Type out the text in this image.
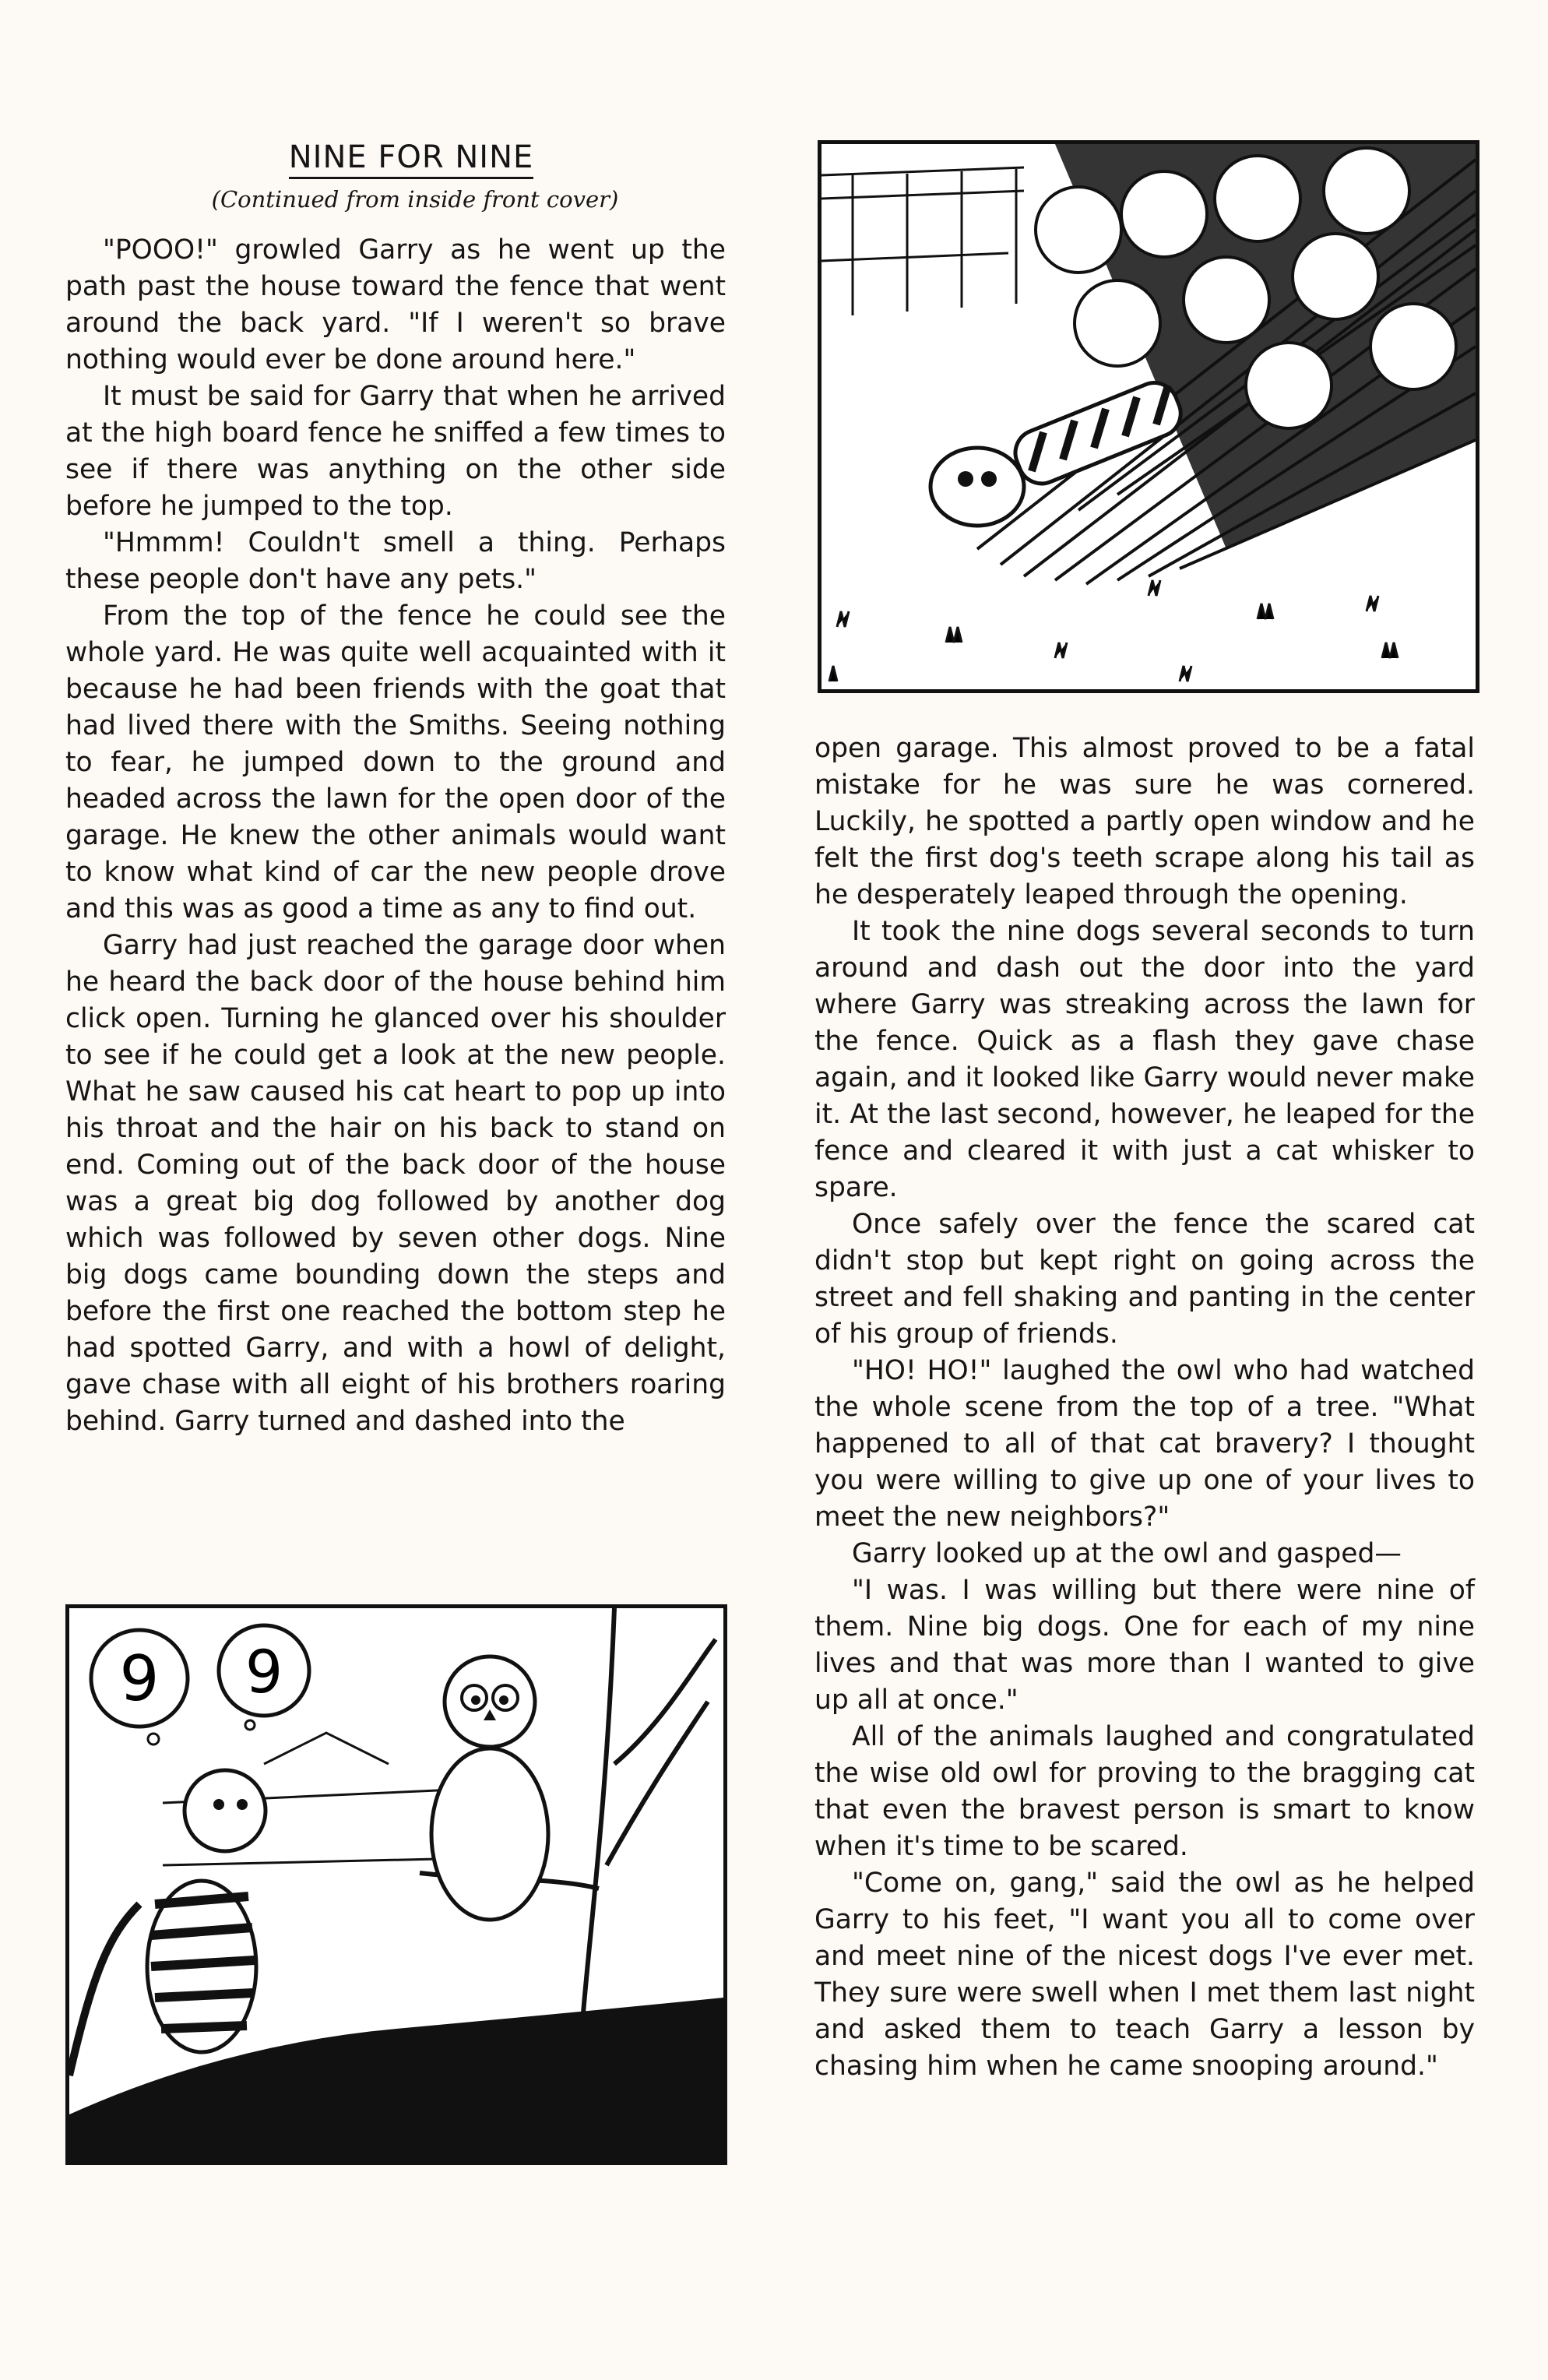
NINE FOR NINE
(Continued from inside front cover)

"POOO!" growled Garry as he went up the path past the house toward the fence that went around the back yard. "If I weren't so brave nothing would ever be done around here."

It must be said for Garry that when he arrived at the high board fence he sniffed a few times to see if there was anything on the other side before he jumped to the top.

"Hmmm! Couldn't smell a thing. Perhaps these people don't have any pets."

From the top of the fence he could see the whole yard. He was quite well acquainted with it because he had been friends with the goat that had lived there with the Smiths. Seeing nothing to fear, he jumped down to the ground and headed across the lawn for the open door of the garage. He knew the other animals would want to know what kind of car the new people drove and this was as good a time as any to find out.

Garry had just reached the garage door when he heard the back door of the house behind him click open. Turning he glanced over his shoulder to see if he could get a look at the new people. What he saw caused his cat heart to pop up into his throat and the hair on his back to stand on end. Coming out of the back door of the house was a great big dog followed by another dog which was followed by seven other dogs. Nine big dogs came bounding down the steps and before the first one reached the bottom step he had spotted Garry, and with a howl of delight, gave chase with all eight of his brothers roaring behind. Garry turned and dashed into the

open garage. This almost proved to be a fatal mistake for he was sure he was cornered. Luckily, he spotted a partly open window and he felt the first dog's teeth scrape along his tail as he desperately leaped through the opening.

It took the nine dogs several seconds to turn around and dash out the door into the yard where Garry was streaking across the lawn for the fence. Quick as a flash they gave chase again, and it looked like Garry would never make it. At the last second, however, he leaped for the fence and cleared it with just a cat whisker to spare.

Once safely over the fence the scared cat didn't stop but kept right on going across the street and fell shaking and panting in the center of his group of friends.

"HO! HO!" laughed the owl who had watched the whole scene from the top of a tree. "What happened to all of that cat bravery? I thought you were willing to give up one of your lives to meet the new neighbors?"

Garry looked up at the owl and gasped—

"I was. I was willing but there were nine of them. Nine big dogs. One for each of my nine lives and that was more than I wanted to give up all at once."

All of the animals laughed and congratulated the wise old owl for proving to the bragging cat that even the bravest person is smart to know when it's time to be scared.

"Come on, gang," said the owl as he helped Garry to his feet, "I want you all to come over and meet nine of the nicest dogs I've ever met. They sure were swell when I met them last night and asked them to teach Garry a lesson by chasing him when he came snooping around."

9 9
